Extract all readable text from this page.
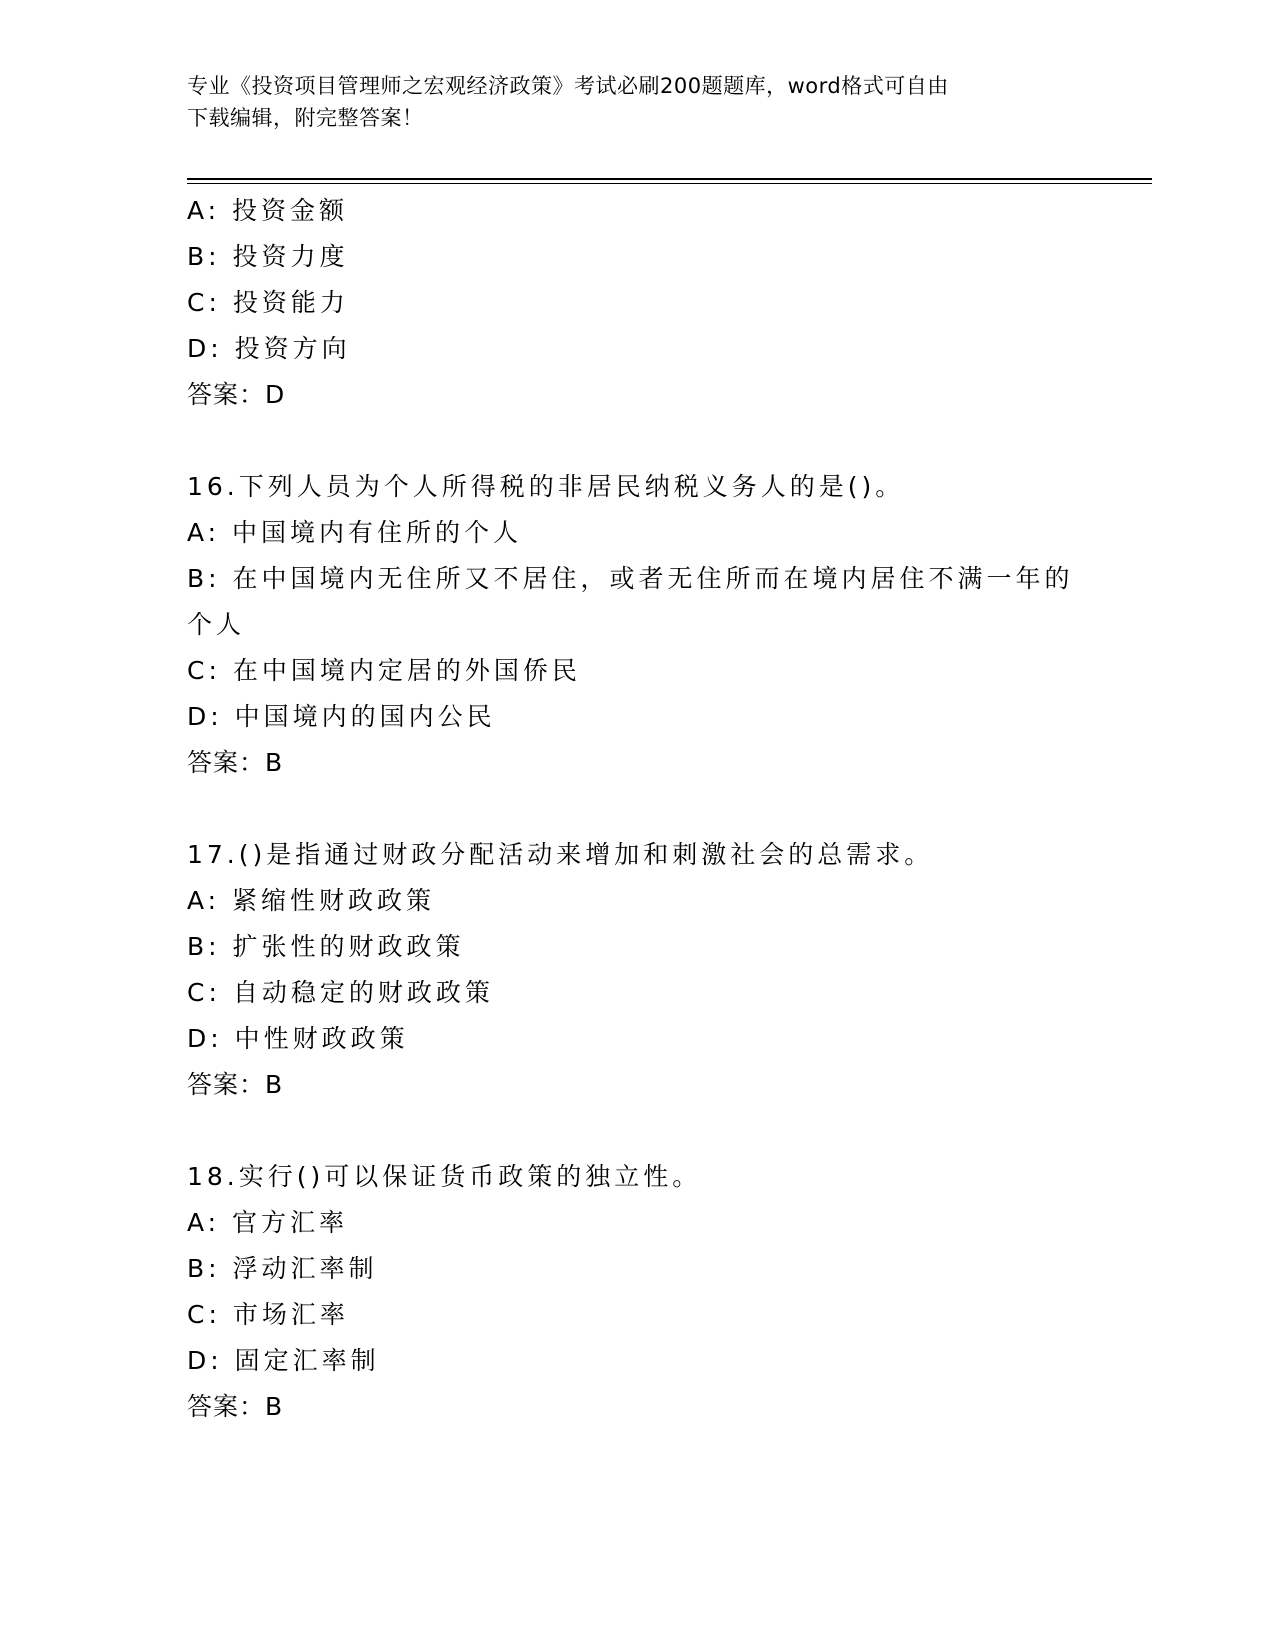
专业《投资项目管理师之宏观经济政策》考试必刷200题题库，word格式可自由
下载编辑，附完整答案！
A: 投资金额
B: 投资力度
C: 投资能力
D: 投资方向
答案：D
16.下列人员为个人所得税的非居民纳税义务人的是()。
A: 中国境内有住所的个人
B: 在中国境内无住所又不居住，或者无住所而在境内居住不满一年的
个人
C: 在中国境内定居的外国侨民
D: 中国境内的国内公民
答案：B
17.()是指通过财政分配活动来增加和刺激社会的总需求。
A: 紧缩性财政政策
B: 扩张性的财政政策
C: 自动稳定的财政政策
D: 中性财政政策
答案：B
18.实行()可以保证货币政策的独立性。
A: 官方汇率
B: 浮动汇率制
C: 市场汇率
D: 固定汇率制
答案：B
